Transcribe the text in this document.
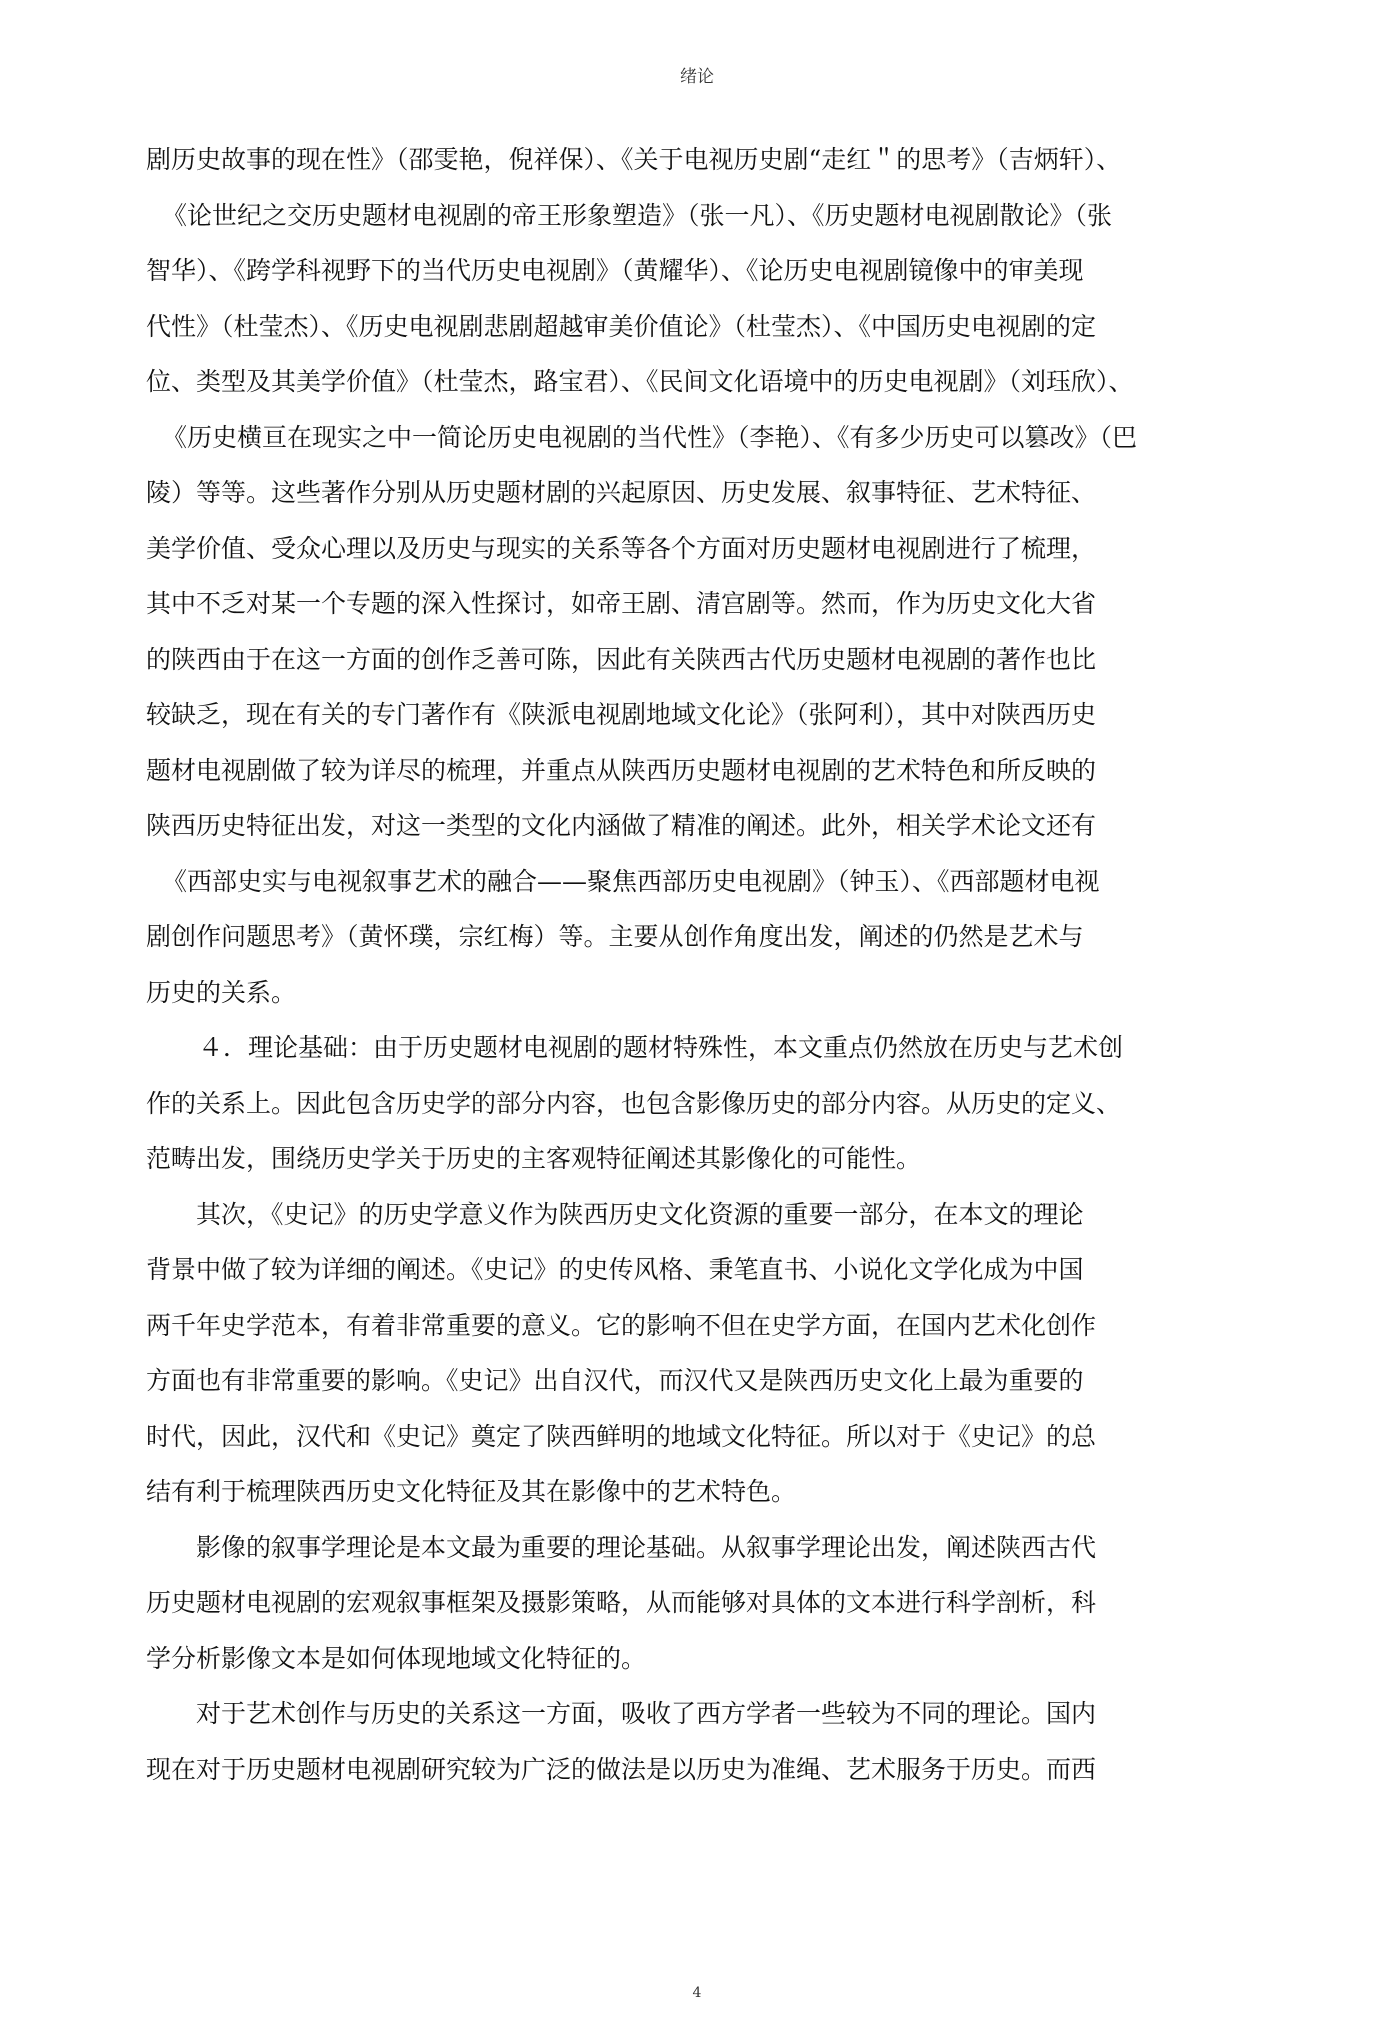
绪论
剧历史故事的现在性》（邵雯艳，倪祥保）、《关于电视历史剧“走红＂的思考》（吉炳轩）、
《论世纪之交历史题材电视剧的帝王形象塑造》（张一凡）、《历史题材电视剧散论》（张
智华）、《跨学科视野下的当代历史电视剧》（黄耀华）、《论历史电视剧镜像中的审美现
代性》（杜莹杰）、《历史电视剧悲剧超越审美价值论》（杜莹杰）、《中国历史电视剧的定
位、类型及其美学价值》（杜莹杰，路宝君）、《民间文化语境中的历史电视剧》（刘珏欣）、
《历史横亘在现实之中一简论历史电视剧的当代性》（李艳）、《有多少历史可以篡改》（巴
陵）等等。这些著作分别从历史题材剧的兴起原因、历史发展、叙事特征、艺术特征、
美学价值、受众心理以及历史与现实的关系等各个方面对历史题材电视剧进行了梳理，
其中不乏对某一个专题的深入性探讨，如帝王剧、清宫剧等。然而，作为历史文化大省
的陕西由于在这一方面的创作乏善可陈，因此有关陕西古代历史题材电视剧的著作也比
较缺乏，现在有关的专门著作有《陕派电视剧地域文化论》（张阿利），其中对陕西历史
题材电视剧做了较为详尽的梳理，并重点从陕西历史题材电视剧的艺术特色和所反映的
陕西历史特征出发，对这一类型的文化内涵做了精准的阐述。此外，相关学术论文还有
《西部史实与电视叙事艺术的融合——聚焦西部历史电视剧》（钟玉）、《西部题材电视
剧创作问题思考》（黄怀璞，宗红梅）等。主要从创作角度出发，阐述的仍然是艺术与
历史的关系。
４．理论基础：由于历史题材电视剧的题材特殊性，本文重点仍然放在历史与艺术创
作的关系上。因此包含历史学的部分内容，也包含影像历史的部分内容。从历史的定义、
范畴出发，围绕历史学关于历史的主客观特征阐述其影像化的可能性。
其次，《史记》的历史学意义作为陕西历史文化资源的重要一部分，在本文的理论
背景中做了较为详细的阐述。《史记》的史传风格、秉笔直书、小说化文学化成为中国
两千年史学范本，有着非常重要的意义。它的影响不但在史学方面，在国内艺术化创作
方面也有非常重要的影响。《史记》出自汉代，而汉代又是陕西历史文化上最为重要的
时代，因此，汉代和《史记》奠定了陕西鲜明的地域文化特征。所以对于《史记》的总
结有利于梳理陕西历史文化特征及其在影像中的艺术特色。
影像的叙事学理论是本文最为重要的理论基础。从叙事学理论出发，阐述陕西古代
历史题材电视剧的宏观叙事框架及摄影策略，从而能够对具体的文本进行科学剖析，科
学分析影像文本是如何体现地域文化特征的。
对于艺术创作与历史的关系这一方面，吸收了西方学者一些较为不同的理论。国内
现在对于历史题材电视剧研究较为广泛的做法是以历史为准绳、艺术服务于历史。而西
4
